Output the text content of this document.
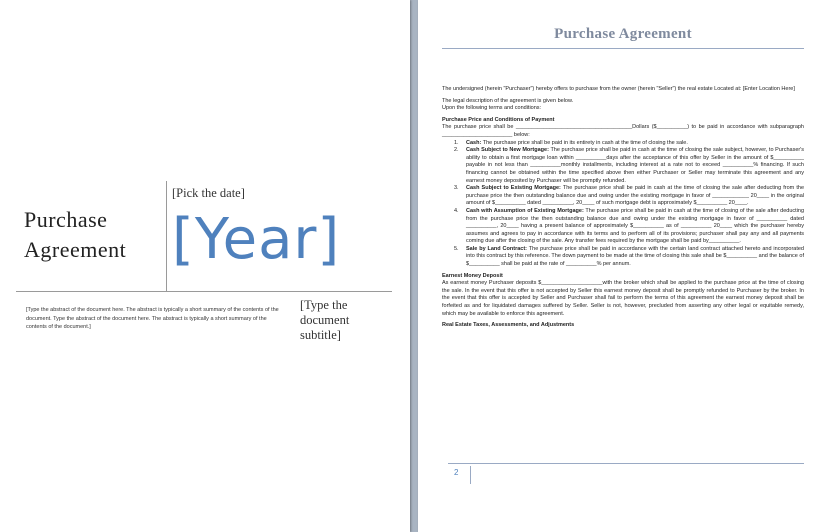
Purchase Agreement
[Pick the date]
[Year]
[Type the abstract of the document here. The abstract is typically a short summary of the contents of the document. Type the abstract of the document here. The abstract is typically a short summary of the contents of the document.]
[Type the document subtitle]
Purchase Agreement

The undersigned (herein "Purchaser") hereby offers to purchase from the owner (herein "Seller") the real estate Located at: [Enter Location Here]

The legal description of the agreement is given below.

Upon the following terms and conditions:

Purchase Price and Conditions of Payment

The purchase price shall be ______________________________________Dollars ($__________) to be paid in accordance with subparagraph _______________________ below:

1. Cash: The purchase price shall be paid in its entirety in cash at the time of closing the sale.
2. Cash Subject to New Mortgage: The purchase price shall be paid in cash at the time of closing the sale subject, however, to Purchaser's ability to obtain a first mortgage loan within __________days after the acceptance of this offer by Seller in the amount of $__________ payable in not less than __________monthly installments, including interest at a rate not to exceed __________% financing. If such financing cannot be obtained within the time specified above then either Purchaser or Seller may terminate this agreement and any earnest money deposited by Purchaser will be promptly refunded.
3. Cash Subject to Existing Mortgage: The purchase price shall be paid in cash at the time of closing the sale after deducting from the purchase price the then outstanding balance due and owing under the existing mortgage in favor of ____________ 20____ in the original amount of $__________ dated __________, 20____ of such mortgage debt is approximately $__________ 20____.
4. Cash with Assumption of Existing Mortgage: The purchase price shall be paid in cash at the time of closing of the sale after deducting from the purchase price the then outstanding balance due and owing under the existing mortgage in favor of __________ dated __________, 20____ having a present balance of approximately $__________ as of __________ 20____ which the purchaser hereby assumes and agrees to pay in accordance with its terms and to perform all of its provisions; purchaser shall pay any and all payments coming due after the closing of the sale. Any transfer fees required by the mortgage shall be paid by__________.
5. Sale by Land Contract: The purchase price shall be paid in accordance with the certain land contract attached hereto and incorporated into this contract by this reference. The down payment to be made at the time of closing this sale shall be $__________ and the balance of $__________ shall be paid at the rate of __________% per annum.

Earnest Money Deposit

As earnest money Purchaser deposits $____________________with the broker which shall be applied to the purchase price at the time of closing the sale. In the event that this offer is not accepted by Seller this earnest money deposit shall be promptly refunded to Purchaser by the broker. In the event that this offer is accepted by Seller and Purchaser shall fail to perform the terms of this agreement the earnest money deposit shall be forfeited as and for liquidated damages suffered by Seller. Seller is not, however, precluded from asserting any other legal or equitable remedy, which may be available to enforce this agreement.

Real Estate Taxes, Assessments, and Adjustments

2
